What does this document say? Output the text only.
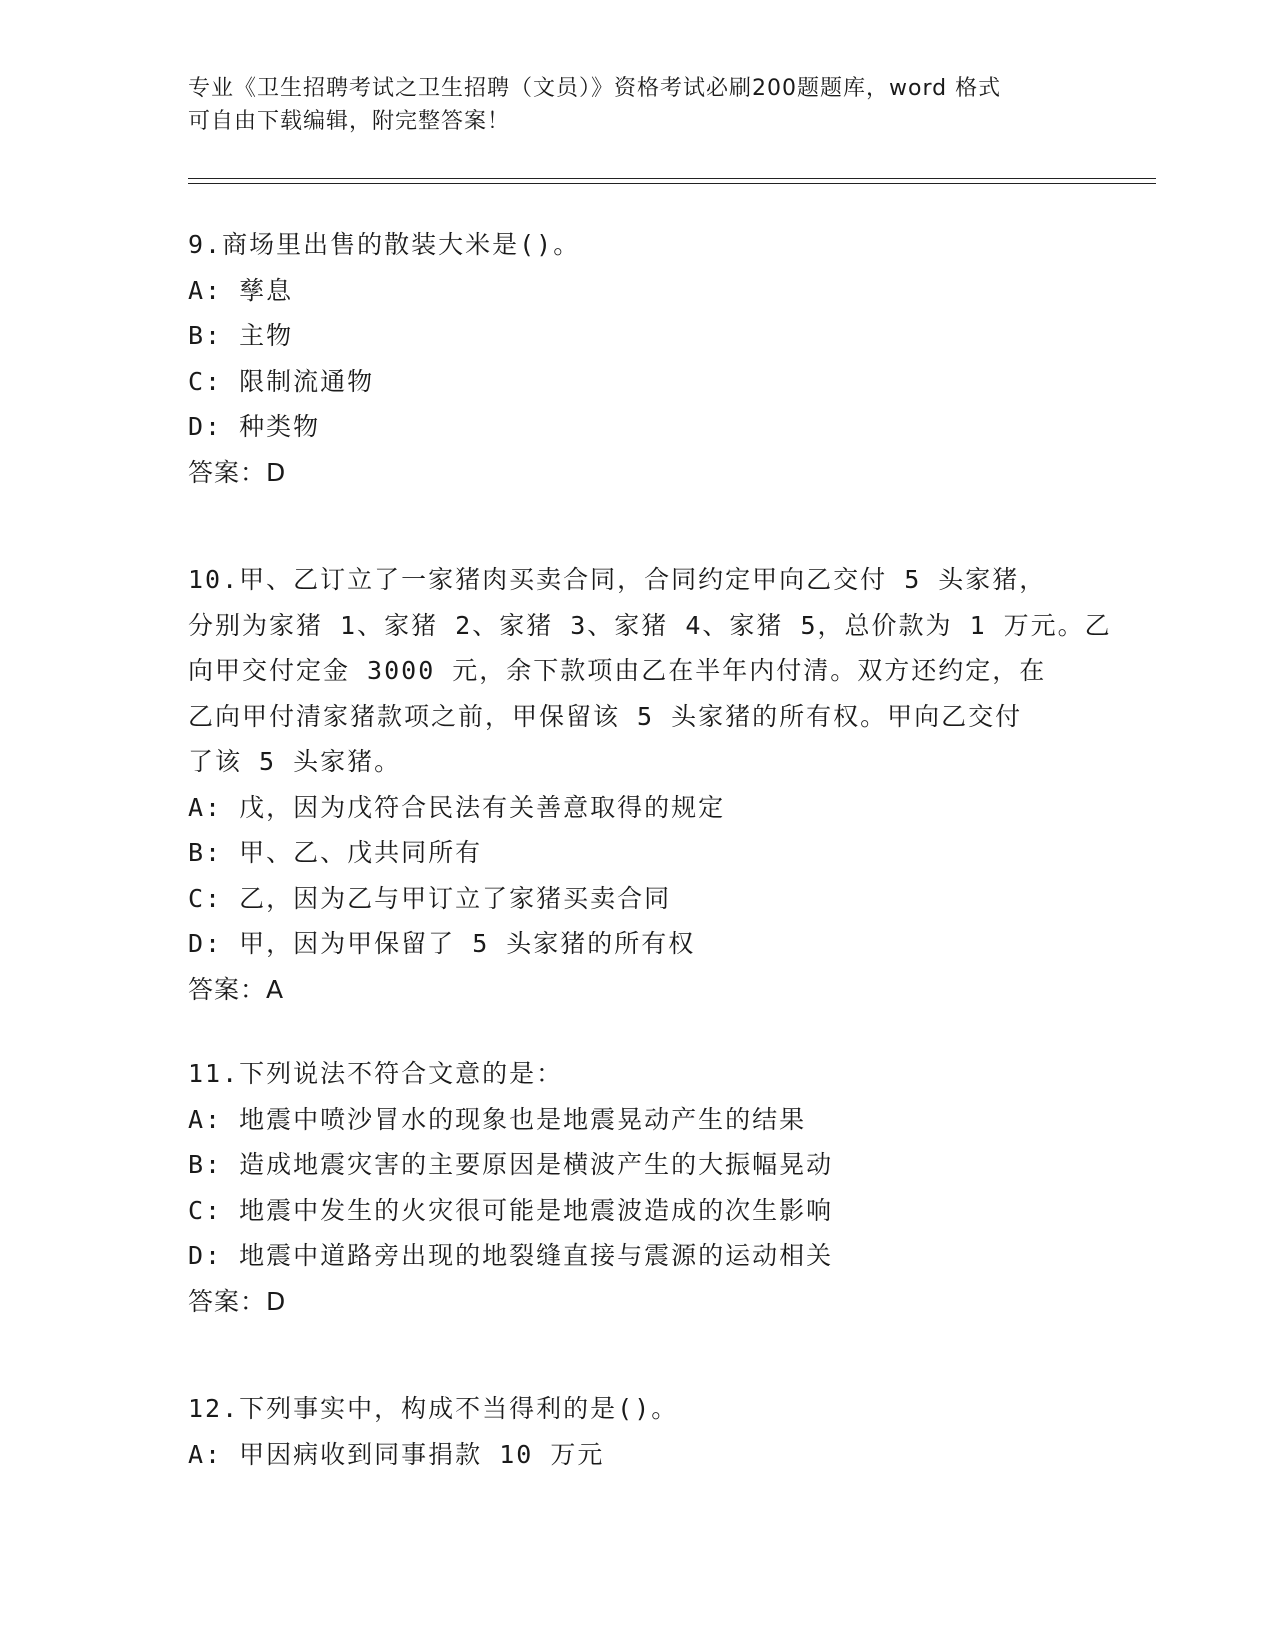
专业《卫生招聘考试之卫生招聘（文员）》资格考试必刷200题题库，word 格式
可自由下载编辑，附完整答案！
9.商场里出售的散装大米是()。
A: 孳息
B: 主物
C: 限制流通物
D: 种类物
答案：D
10.甲、乙订立了一家猪肉买卖合同，合同约定甲向乙交付 5 头家猪，
分别为家猪 1、家猪 2、家猪 3、家猪 4、家猪 5，总价款为 1 万元。乙
向甲交付定金 3000 元，余下款项由乙在半年内付清。双方还约定，在
乙向甲付清家猪款项之前，甲保留该 5 头家猪的所有权。甲向乙交付
了该 5 头家猪。
A: 戊，因为戊符合民法有关善意取得的规定
B: 甲、乙、戊共同所有
C: 乙，因为乙与甲订立了家猪买卖合同
D: 甲，因为甲保留了 5 头家猪的所有权
答案：A
11.下列说法不符合文意的是：
A: 地震中喷沙冒水的现象也是地震晃动产生的结果
B: 造成地震灾害的主要原因是横波产生的大振幅晃动
C: 地震中发生的火灾很可能是地震波造成的次生影响
D: 地震中道路旁出现的地裂缝直接与震源的运动相关
答案：D
12.下列事实中，构成不当得利的是()。
A: 甲因病收到同事捐款 10 万元
